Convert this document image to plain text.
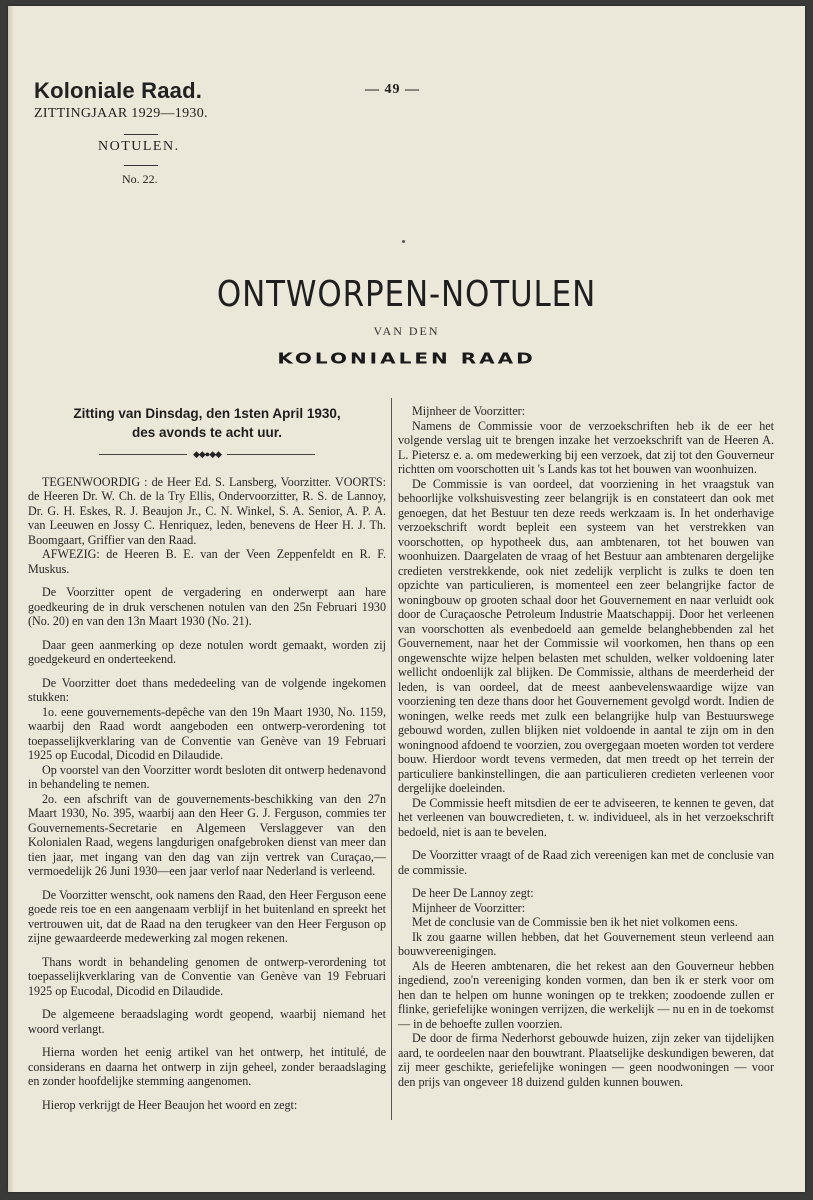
Koloniale Raad.
ZITTINGJAAR 1929—1930.
NOTULEN.
No. 22.
— 49 —
ONTWORPEN-NOTULEN
VAN DEN
KOLONIALEN RAAD
Zitting van Dinsdag, den 1sten April 1930,
des avonds te acht uur.
◆◆●◆◆

TEGENWOORDIG : de Heer Ed. S. Lansberg, Voorzitter. VOORTS: de Heeren Dr. W. Ch. de la Try Ellis, Ondervoorzitter, R. S. de Lannoy, Dr. G. H. Eskes, R. J. Beaujon Jr., C. N. Winkel, S. A. Senior, A. P. A. van Leeuwen en Jossy C. Henriquez, leden, benevens de Heer H. J. Th. Boomgaart, Griffier van den Raad.

AFWEZIG: de Heeren B. E. van der Veen Zeppenfeldt en R. F. Muskus.

De Voorzitter opent de vergadering en onderwerpt aan hare goedkeuring de in druk verschenen notulen van den 25n Februari 1930 (No. 20) en van den 13n Maart 1930 (No. 21).

Daar geen aanmerking op deze notulen wordt gemaakt, worden zij goedgekeurd en onderteekend.

De Voorzitter doet thans mededeeling van de volgende ingekomen stukken:

1o. eene gouvernements-depêche van den 19n Maart 1930, No. 1159, waarbij den Raad wordt aangeboden een ontwerp-verordening tot toepasselijkverklaring van de Conventie van Genève van 19 Februari 1925 op Eucodal, Dicodid en Dilaudide.

Op voorstel van den Voorzitter wordt besloten dit ontwerp hedenavond in behandeling te nemen.

2o. een afschrift van de gouvernements-beschikking van den 27n Maart 1930, No. 395, waarbij aan den Heer G. J. Ferguson, commies ter Gouvernements-Secretarie en Algemeen Verslaggever van den Kolonialen Raad, wegens langdurigen onafgebroken dienst van meer dan tien jaar, met ingang van den dag van zijn vertrek van Curaçao,—vermoedelijk 26 Juni 1930—een jaar verlof naar Nederland is verleend.

De Voorzitter wenscht, ook namens den Raad, den Heer Ferguson eene goede reis toe en een aangenaam verblijf in het buitenland en spreekt het vertrouwen uit, dat de Raad na den terugkeer van den Heer Ferguson op zijne gewaardeerde medewerking zal mogen rekenen.

Thans wordt in behandeling genomen de ontwerp-verordening tot toepasselijkverklaring van de Conventie van Genève van 19 Februari 1925 op Eucodal, Dicodid en Dilaudide.

De algemeene beraadslaging wordt geopend, waarbij niemand het woord verlangt.

Hierna worden het eenig artikel van het ontwerp, het intitulé, de considerans en daarna het ontwerp in zijn geheel, zonder beraadslaging en zonder hoofdelijke stemming aangenomen.

Hierop verkrijgt de Heer Beaujon het woord en zegt:

Mijnheer de Voorzitter:

Namens de Commissie voor de verzoekschriften heb ik de eer het volgende verslag uit te brengen inzake het verzoekschrift van de Heeren A. L. Pietersz e. a. om medewerking bij een verzoek, dat zij tot den Gouverneur richtten om voorschotten uit 's Lands kas tot het bouwen van woonhuizen.

De Commissie is van oordeel, dat voorziening in het vraagstuk van behoorlijke volkshuisvesting zeer belangrijk is en constateert dan ook met genoegen, dat het Bestuur ten deze reeds werkzaam is. In het onderhavige verzoekschrift wordt bepleit een systeem van het verstrekken van voorschotten, op hypotheek dus, aan ambtenaren, tot het bouwen van woonhuizen. Daargelaten de vraag of het Bestuur aan ambtenaren dergelijke credieten verstrekkende, ook niet zedelijk verplicht is zulks te doen ten opzichte van particulieren, is momenteel een zeer belangrijke factor de woningbouw op grooten schaal door het Gouvernement en naar verluidt ook door de Curaçaosche Petroleum Industrie Maatschappij. Door het verleenen van voorschotten als evenbedoeld aan gemelde belanghebbenden zal het Gouvernement, naar het der Commissie wil voorkomen, hen thans op een ongewenschte wijze helpen belasten met schulden, welker voldoening later wellicht ondoenlijk zal blijken. De Commissie, althans de meerderheid der leden, is van oordeel, dat de meest aanbevelenswaardige wijze van voorziening ten deze thans door het Gouvernement gevolgd wordt. Indien de woningen, welke reeds met zulk een belangrijke hulp van Bestuurswege gebouwd worden, zullen blijken niet voldoende in aantal te zijn om in den woningnood afdoend te voorzien, zou overgegaan moeten worden tot verdere bouw. Hierdoor wordt tevens vermeden, dat men treedt op het terrein der particuliere bankinstellingen, die aan particulieren credieten verleenen voor dergelijke doeleinden.

De Commissie heeft mitsdien de eer te adviseeren, te kennen te geven, dat het verleenen van bouwcredieten, t. w. individueel, als in het verzoekschrift bedoeld, niet is aan te bevelen.

De Voorzitter vraagt of de Raad zich vereenigen kan met de conclusie van de commissie.

De heer De Lannoy zegt:

Mijnheer de Voorzitter:

Met de conclusie van de Commissie ben ik het niet volkomen eens.

Ik zou gaarne willen hebben, dat het Gouvernement steun verleend aan bouwvereenigingen.

Als de Heeren ambtenaren, die het rekest aan den Gouverneur hebben ingediend, zoo'n vereeniging konden vormen, dan ben ik er sterk voor om hen dan te helpen om hunne woningen op te trekken; zoodoende zullen er flinke, geriefelijke woningen verrijzen, die werkelijk — nu en in de toekomst — in de behoefte zullen voorzien.

De door de firma Nederhorst gebouwde huizen, zijn zeker van tijdelijken aard, te oordeelen naar den bouwtrant. Plaatselijke deskundigen beweren, dat zij meer geschikte, geriefelijke woningen — geen noodwoningen — voor den prijs van ongeveer 18 duizend gulden kunnen bouwen.
